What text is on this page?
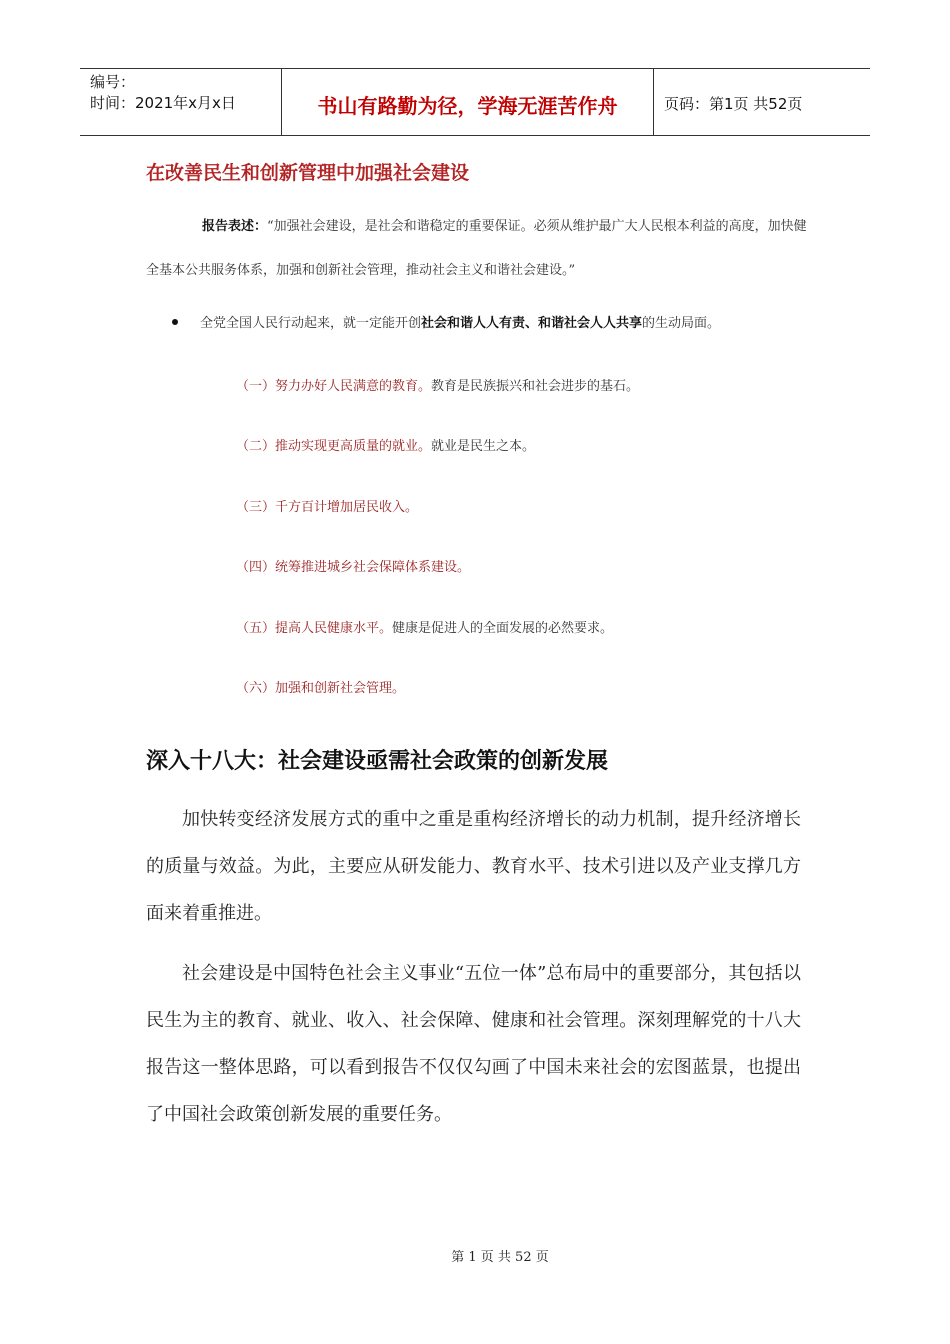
编号：
时间：2021年x月x日	书山有路勤为径，学海无涯苦作舟	页码：第1页 共52页
在改善民生和创新管理中加强社会建设
报告表述：“加强社会建设，是社会和谐稳定的重要保证。必须从维护最广大人民根本利益的高度，加快健全基本公共服务体系，加强和创新社会管理，推动社会主义和谐社会建设。”
全党全国人民行动起来，就一定能开创社会和谐人人有责、和谐社会人人共享的生动局面。
（一）努力办好人民满意的教育。教育是民族振兴和社会进步的基石。
（二）推动实现更高质量的就业。就业是民生之本。
（三）千方百计增加居民收入。
（四）统筹推进城乡社会保障体系建设。
（五）提高人民健康水平。健康是促进人的全面发展的必然要求。
（六）加强和创新社会管理。
深入十八大：社会建设亟需社会政策的创新发展
加快转变经济发展方式的重中之重是重构经济增长的动力机制，提升经济增长的质量与效益。为此，主要应从研发能力、教育水平、技术引进以及产业支撑几方面来着重推进。
社会建设是中国特色社会主义事业“五位一体”总布局中的重要部分，其包括以民生为主的教育、就业、收入、社会保障、健康和社会管理。深刻理解党的十八大报告这一整体思路，可以看到报告不仅仅勾画了中国未来社会的宏图蓝景，也提出了中国社会政策创新发展的重要任务。
第 1 页 共 52 页
